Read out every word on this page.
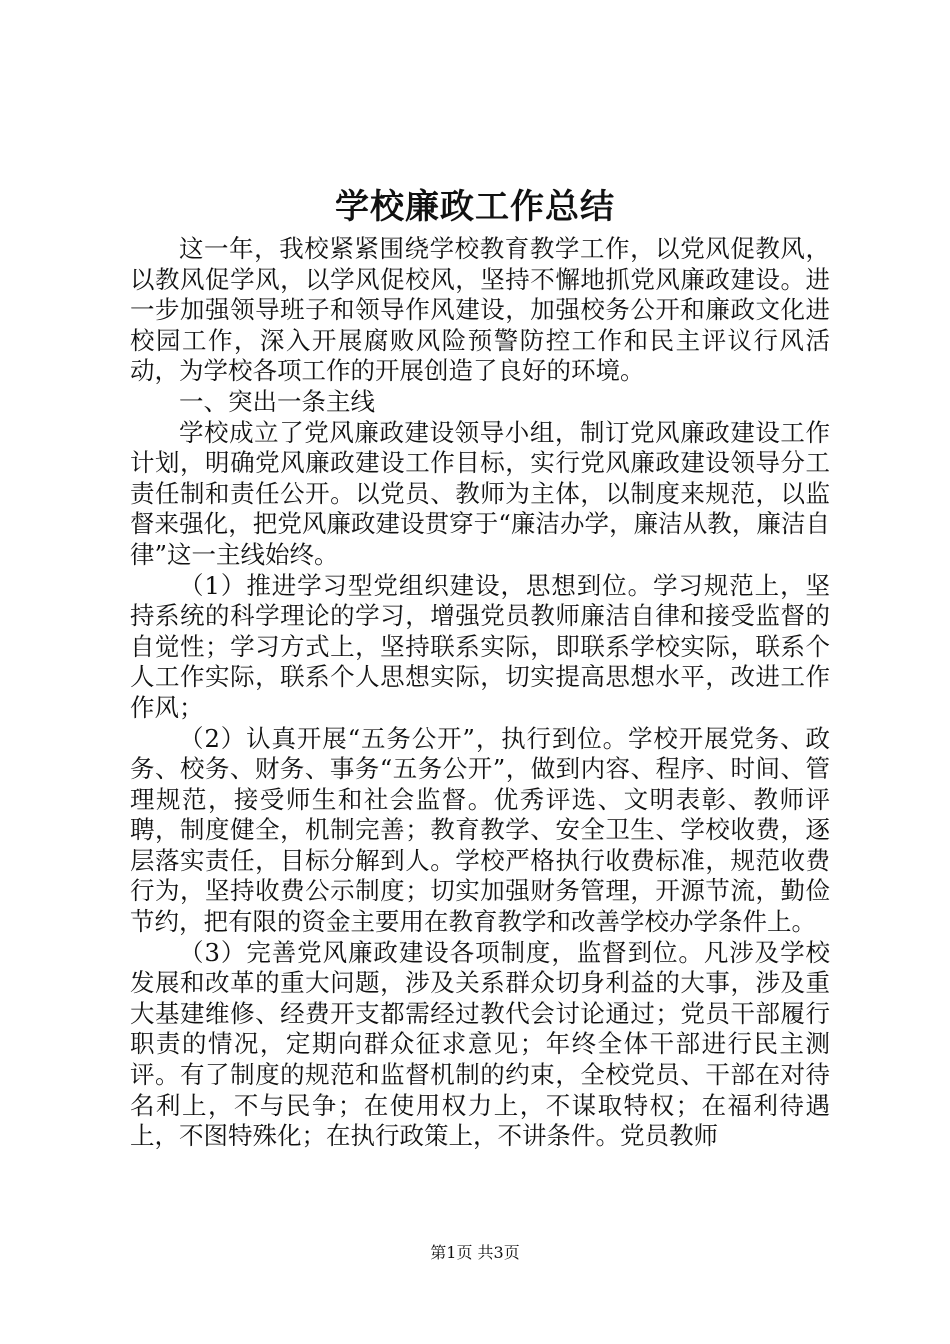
学校廉政工作总结

这一年，我校紧紧围绕学校教育教学工作，以党风促教风，以教风促学风，以学风促校风，坚持不懈地抓党风廉政建设。进一步加强领导班子和领导作风建设，加强校务公开和廉政文化进校园工作，深入开展腐败风险预警防控工作和民主评议行风活动，为学校各项工作的开展创造了良好的环境。

一、突出一条主线

学校成立了党风廉政建设领导小组，制订党风廉政建设工作计划，明确党风廉政建设工作目标，实行党风廉政建设领导分工责任制和责任公开。以党员、教师为主体，以制度来规范，以监督来强化，把党风廉政建设贯穿于“廉洁办学，廉洁从教，廉洁自律”这一主线始终。

（1）推进学习型党组织建设，思想到位。学习规范上，坚持系统的科学理论的学习，增强党员教师廉洁自律和接受监督的自觉性；学习方式上，坚持联系实际，即联系学校实际，联系个人工作实际，联系个人思想实际，切实提高思想水平，改进工作作风；

（2）认真开展“五务公开”，执行到位。学校开展党务、政务、校务、财务、事务“五务公开”，做到内容、程序、时间、管理规范，接受师生和社会监督。优秀评选、文明表彰、教师评聘，制度健全，机制完善；教育教学、安全卫生、学校收费，逐层落实责任，目标分解到人。学校严格执行收费标准，规范收费行为，坚持收费公示制度；切实加强财务管理，开源节流，勤俭节约，把有限的资金主要用在教育教学和改善学校办学条件上。

（3）完善党风廉政建设各项制度，监督到位。凡涉及学校发展和改革的重大问题，涉及关系群众切身利益的大事，涉及重大基建维修、经费开支都需经过教代会讨论通过；党员干部履行职责的情况，定期向群众征求意见；年终全体干部进行民主测评。有了制度的规范和监督机制的约束，全校党员、干部在对待名利上，不与民争；在使用权力上，不谋取特权；在福利待遇上，不图特殊化；在执行政策上，不讲条件。党员教师

第1页 共3页
